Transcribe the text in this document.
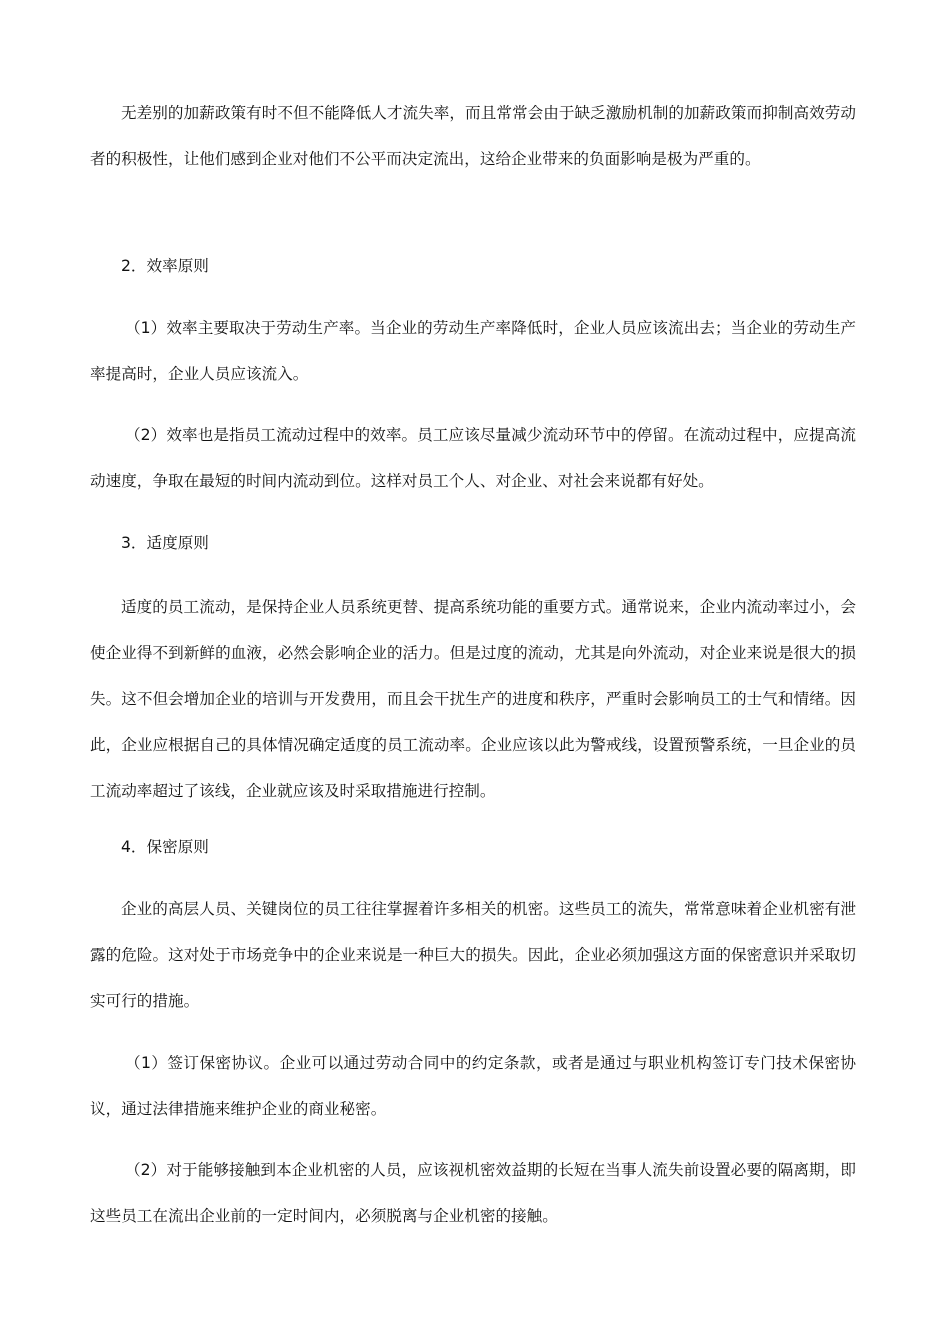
无差别的加薪政策有时不但不能降低人才流失率，而且常常会由于缺乏激励机制的加薪政策而抑制高效劳动者的积极性，让他们感到企业对他们不公平而决定流出，这给企业带来的负面影响是极为严重的。

2．效率原则

（1）效率主要取决于劳动生产率。当企业的劳动生产率降低时，企业人员应该流出去；当企业的劳动生产率提高时，企业人员应该流入。

（2）效率也是指员工流动过程中的效率。员工应该尽量减少流动环节中的停留。在流动过程中，应提高流动速度，争取在最短的时间内流动到位。这样对员工个人、对企业、对社会来说都有好处。

3．适度原则

适度的员工流动，是保持企业人员系统更替、提高系统功能的重要方式。通常说来，企业内流动率过小，会使企业得不到新鲜的血液，必然会影响企业的活力。但是过度的流动，尤其是向外流动，对企业来说是很大的损失。这不但会增加企业的培训与开发费用，而且会干扰生产的进度和秩序，严重时会影响员工的士气和情绪。因此，企业应根据自己的具体情况确定适度的员工流动率。企业应该以此为警戒线，设置预警系统，一旦企业的员工流动率超过了该线，企业就应该及时采取措施进行控制。

4．保密原则

企业的高层人员、关键岗位的员工往往掌握着许多相关的机密。这些员工的流失，常常意味着企业机密有泄露的危险。这对处于市场竞争中的企业来说是一种巨大的损失。因此，企业必须加强这方面的保密意识并采取切实可行的措施。

（1）签订保密协议。企业可以通过劳动合同中的约定条款，或者是通过与职业机构签订专门技术保密协议，通过法律措施来维护企业的商业秘密。

（2）对于能够接触到本企业机密的人员，应该视机密效益期的长短在当事人流失前设置必要的隔离期，即这些员工在流出企业前的一定时间内，必须脱离与企业机密的接触。
